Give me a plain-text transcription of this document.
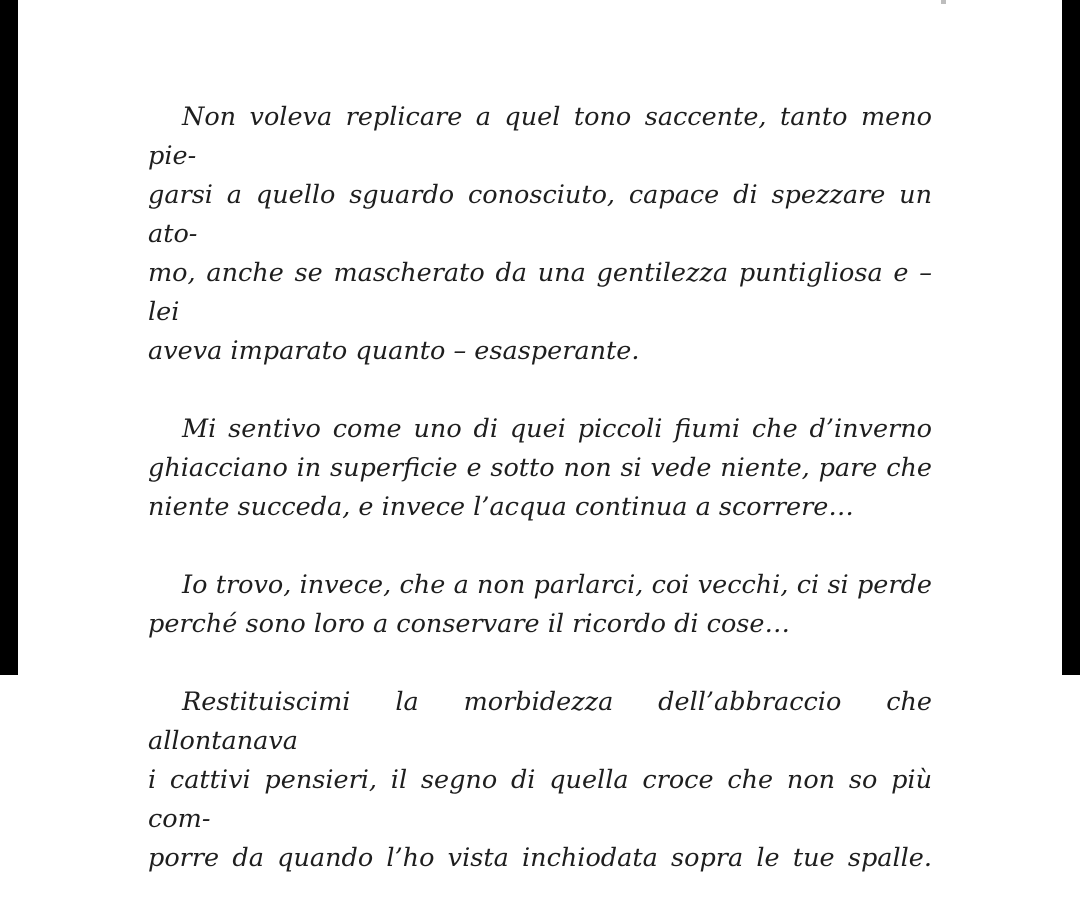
Non voleva replicare a quel tono saccente, tanto meno pie-
garsi a quello sguardo conosciuto, capace di spezzare un ato-
mo, anche se mascherato da una gentilezza puntigliosa e – lei
aveva imparato quanto – esasperante.

Mi sentivo come uno di quei piccoli fiumi che d’inverno
ghiacciano in superficie e sotto non si vede niente, pare che
niente succeda, e invece l’acqua continua a scorrere…

Io trovo, invece, che a non parlarci, coi vecchi, ci si perde
perché sono loro a conservare il ricordo di cose…

Restituiscimi la morbidezza dell’abbraccio che allontanava
i cattivi pensieri, il segno di quella croce che non so più com-
porre da quando l’ho vista inchiodata sopra le tue spalle.
